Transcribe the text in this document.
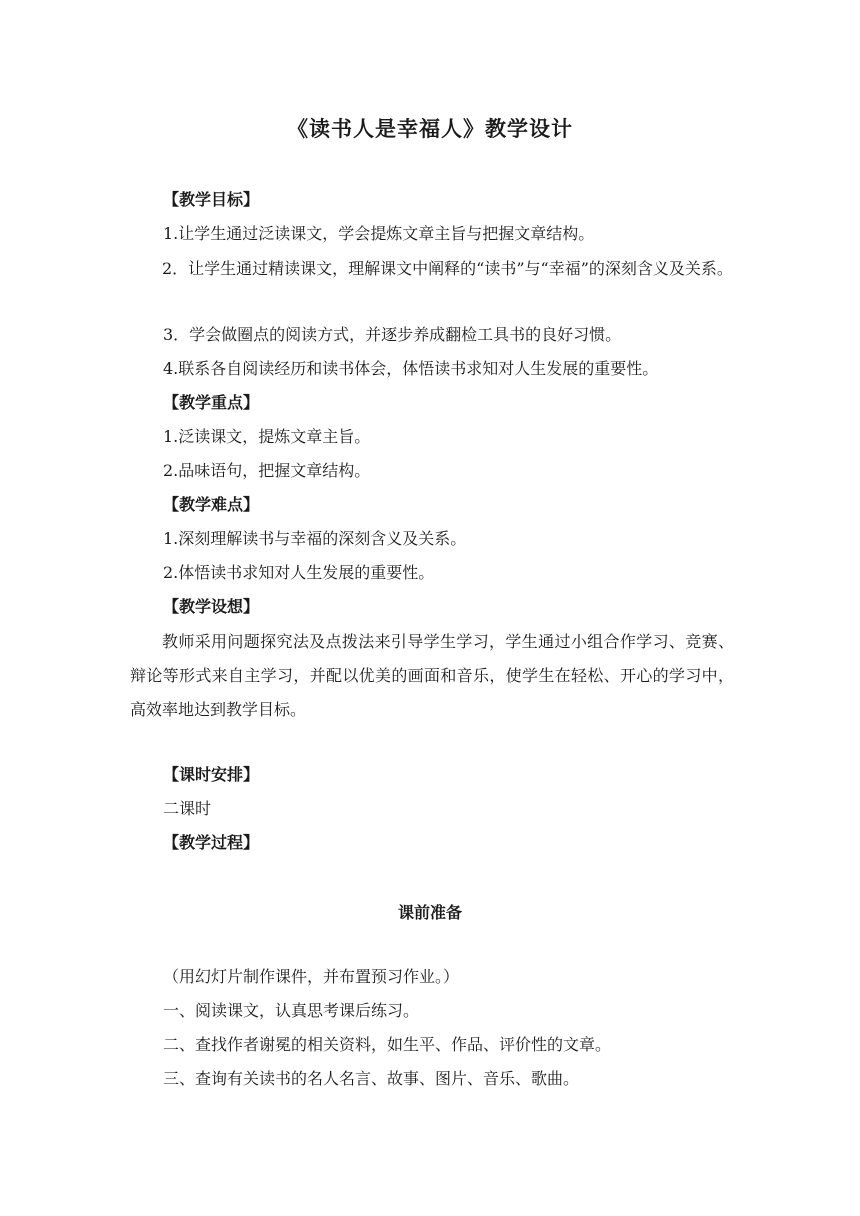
《读书人是幸福人》教学设计
【教学目标】
1.让学生通过泛读课文，学会提炼文章主旨与把握文章结构。
2．让学生通过精读课文，理解课文中阐释的“读书”与“幸福”的深刻含义及关系。
3．学会做圈点的阅读方式，并逐步养成翻检工具书的良好习惯。
4.联系各自阅读经历和读书体会，体悟读书求知对人生发展的重要性。
【教学重点】
1.泛读课文，提炼文章主旨。
2.品味语句，把握文章结构。
【教学难点】
1.深刻理解读书与幸福的深刻含义及关系。
2.体悟读书求知对人生发展的重要性。
【教学设想】
教师采用问题探究法及点拨法来引导学生学习，学生通过小组合作学习、竞赛、辩论等形式来自主学习，并配以优美的画面和音乐，使学生在轻松、开心的学习中，高效率地达到教学目标。
【课时安排】
二课时
【教学过程】
课前准备
（用幻灯片制作课件，并布置预习作业。）
一、阅读课文，认真思考课后练习。
二、查找作者谢冕的相关资料，如生平、作品、评价性的文章。
三、查询有关读书的名人名言、故事、图片、音乐、歌曲。
